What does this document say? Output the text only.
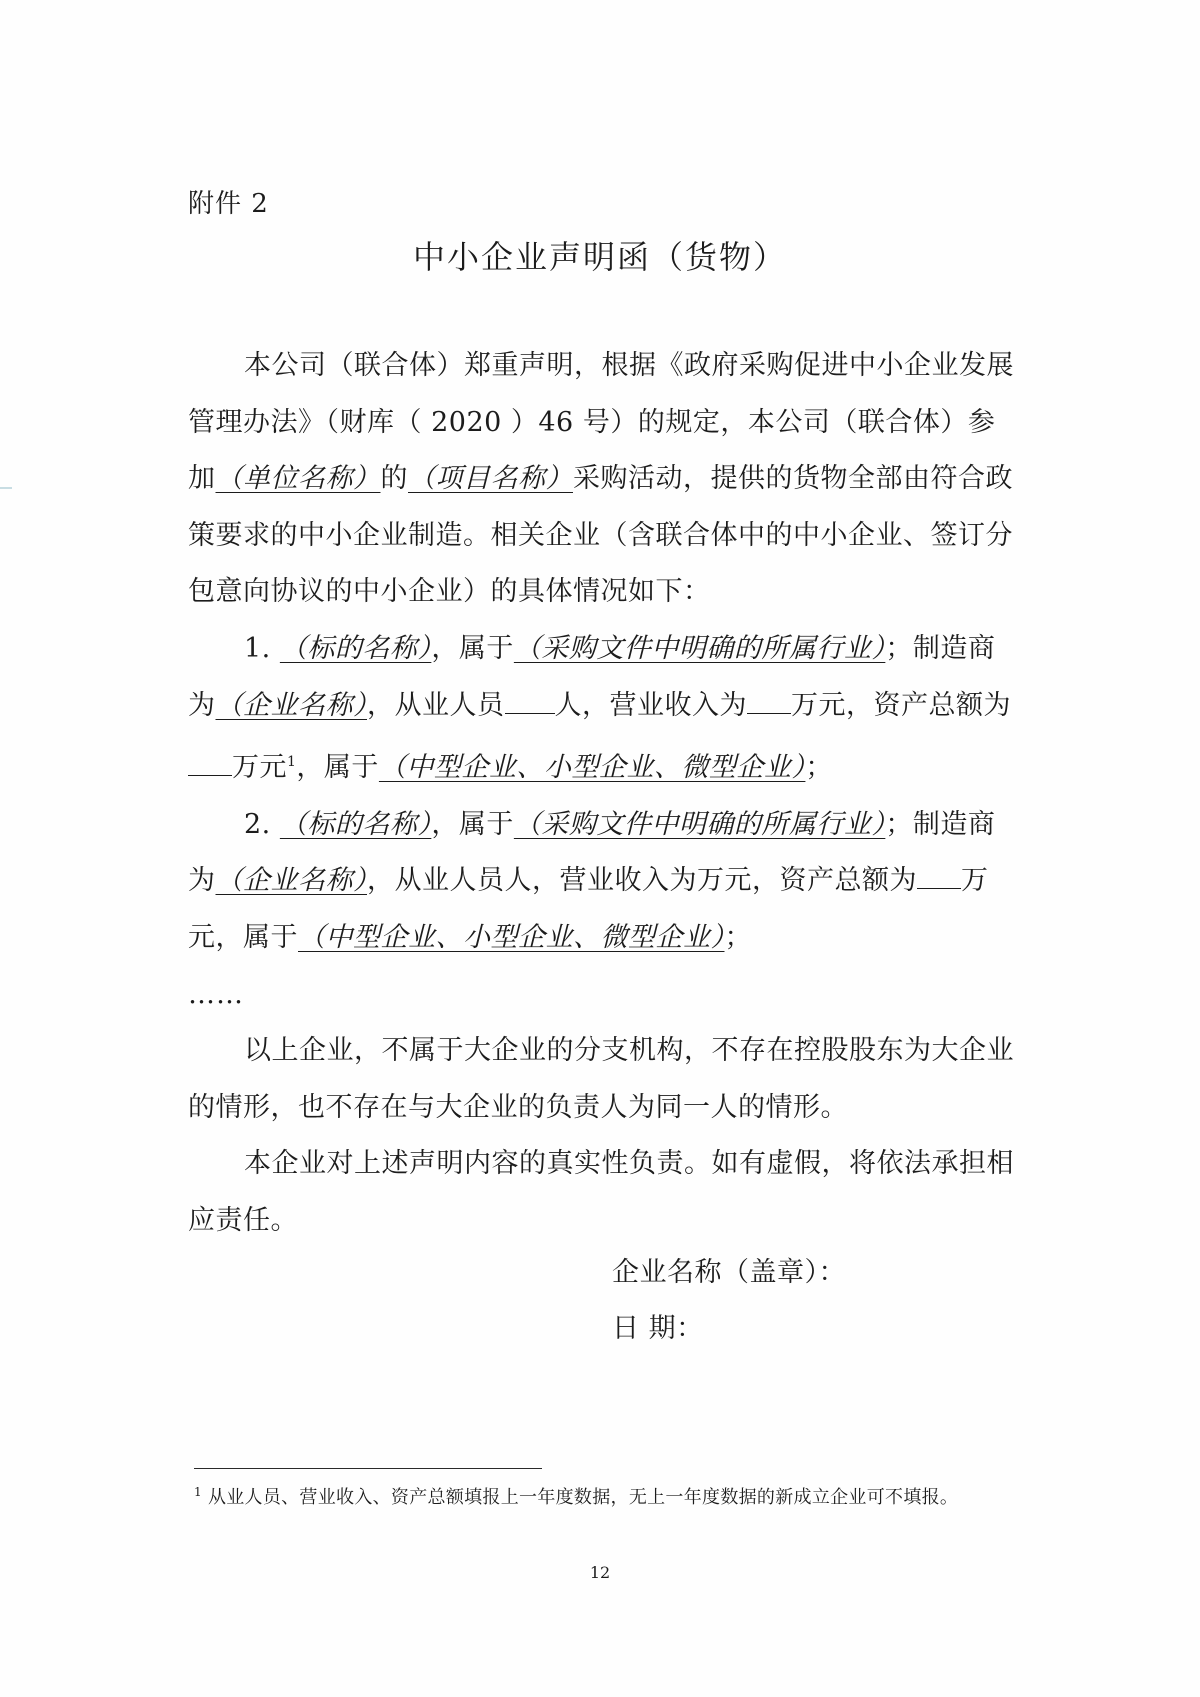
附件 2
中小企业声明函（货物）

本公司（联合体）郑重声明，根据《政府采购促进中小企业发展管理办法》（财库（ 2020 ）46 号）的规定，本公司（联合体）参加（单位名称）的（项目名称）采购活动，提供的货物全部由符合政策要求的中小企业制造。相关企业（含联合体中的中小企业、签订分包意向协议的中小企业）的具体情况如下：

1. （标的名称），属于（采购文件中明确的所属行业）；制造商为（企业名称），从业人员 人，营业收入为 万元，资产总额为万元$^1$，属于（中型企业、小型企业、微型企业）；

2. （标的名称），属于（采购文件中明确的所属行业）；制造商为（企业名称），从业人员人，营业收入为万元，资产总额为 万元，属于（中型企业、小型企业、微型企业）；

……

以上企业，不属于大企业的分支机构，不存在控股股东为大企业的情形，也不存在与大企业的负责人为同一人的情形。

本企业对上述声明内容的真实性负责。如有虚假，将依法承担相应责任。

企业名称（盖章）：
日 期：
$^1$ 从业人员、营业收入、资产总额填报上一年度数据，无上一年度数据的新成立企业可不填报。
12
